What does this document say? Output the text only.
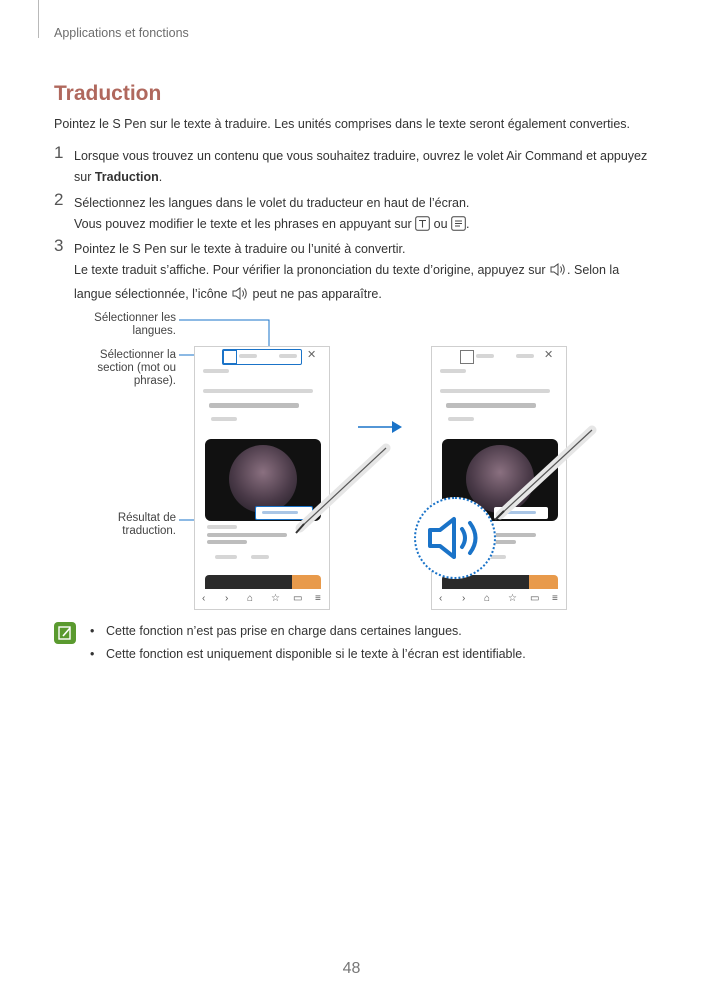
Applications et fonctions
Traduction
Pointez le S Pen sur le texte à traduire. Les unités comprises dans le texte seront également converties.
1 Lorsque vous trouvez un contenu que vous souhaitez traduire, ouvrez le volet Air Command et appuyez
sur Traduction.
2 Sélectionnez les langues dans le volet du traducteur en haut de l’écran.
Vous pouvez modifier le texte et les phrases en appuyant sur  ou .
3 Pointez le S Pen sur le texte à traduire ou l’unité à convertir.
Le texte traduit s’affiche. Pour vérifier la prononciation du texte d’origine, appuyez sur . Selon la
langue sélectionnée, l’icône  peut ne pas apparaître.
Sélectionner les
langues.
Sélectionner la
section (mot ou
phrase).
Résultat de
traduction.
✕
‹ › ⌂ ☆ ▭ ≡
✕
‹ › ⌂ ☆ ▭ ≡
• Cette fonction n’est pas prise en charge dans certaines langues.
• Cette fonction est uniquement disponible si le texte à l’écran est identifiable.
48
